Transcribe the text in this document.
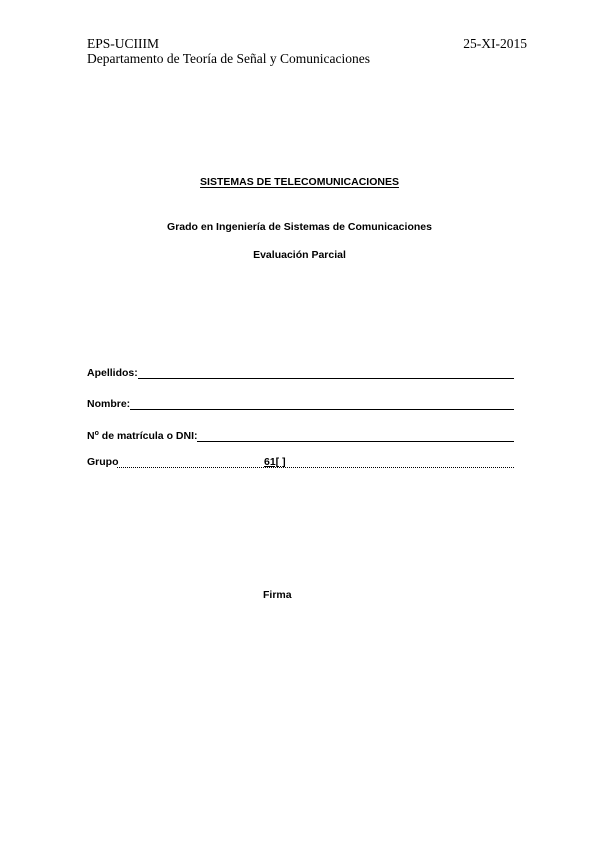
EPS-UCIIIM
Departamento de Teoría de Señal y Comunicaciones
25-XI-2015
SISTEMAS DE TELECOMUNICACIONES
Grado en Ingeniería de Sistemas de Comunicaciones
Evaluación Parcial
Apellidos:
Nombre:
$N^o$ de matrícula o DNI:
Grupo	61[ ]
Firma
